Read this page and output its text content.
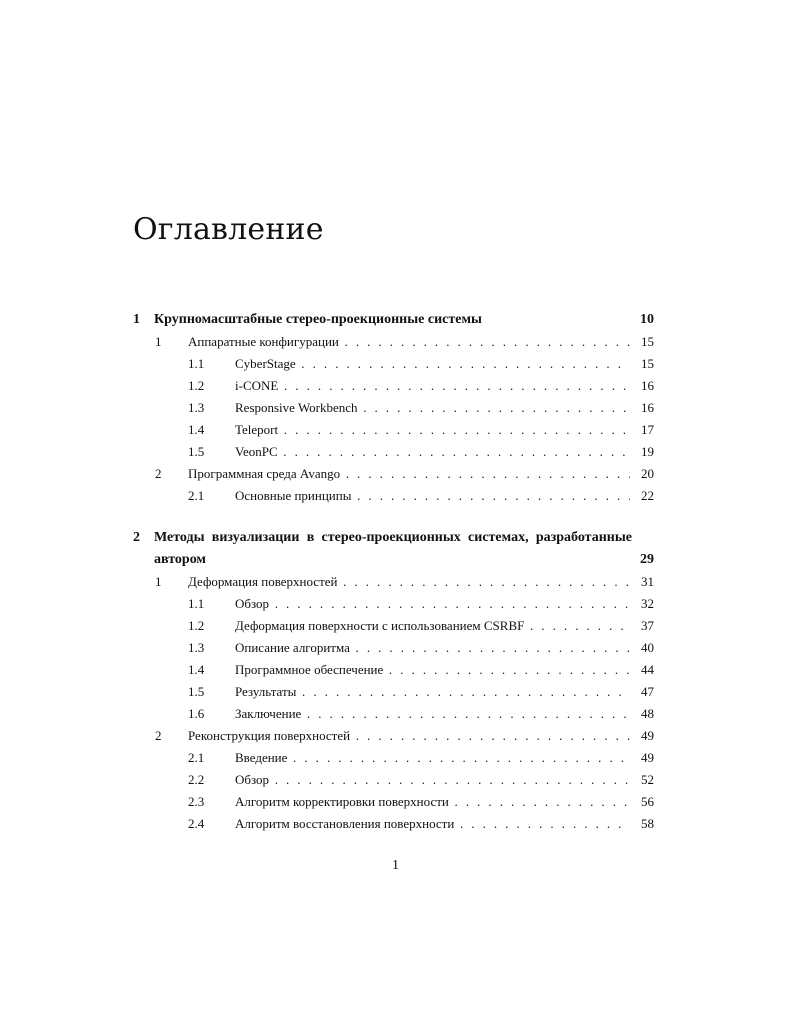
Оглавление
1 Крупномасштабные стерео-проекционные системы	10
1 Аппаратные конфигурации . . .	15
1.1 CyberStage . . .	15
1.2 i-CONE . . .	16
1.3 Responsive Workbench . . .	16
1.4 Teleport . . .	17
1.5 VeonPC . . .	19
2 Программная среда Avango . . .	20
2.1 Основные принципы . . .	22
2 Методы визуализации в стерео-проекционных системах, разработанные автором	29
1 Деформация поверхностей . . .	31
1.1 Обзор . . .	32
1.2 Деформация поверхности с использованием CSRBF . . .	37
1.3 Описание алгоритма . . .	40
1.4 Программное обеспечение . . .	44
1.5 Результаты . . .	47
1.6 Заключение . . .	48
2 Реконструкция поверхностей . . .	49
2.1 Введение . . .	49
2.2 Обзор . . .	52
2.3 Алгоритм корректировки поверхности . . .	56
2.4 Алгоритм восстановления поверхности . . .	58
1
